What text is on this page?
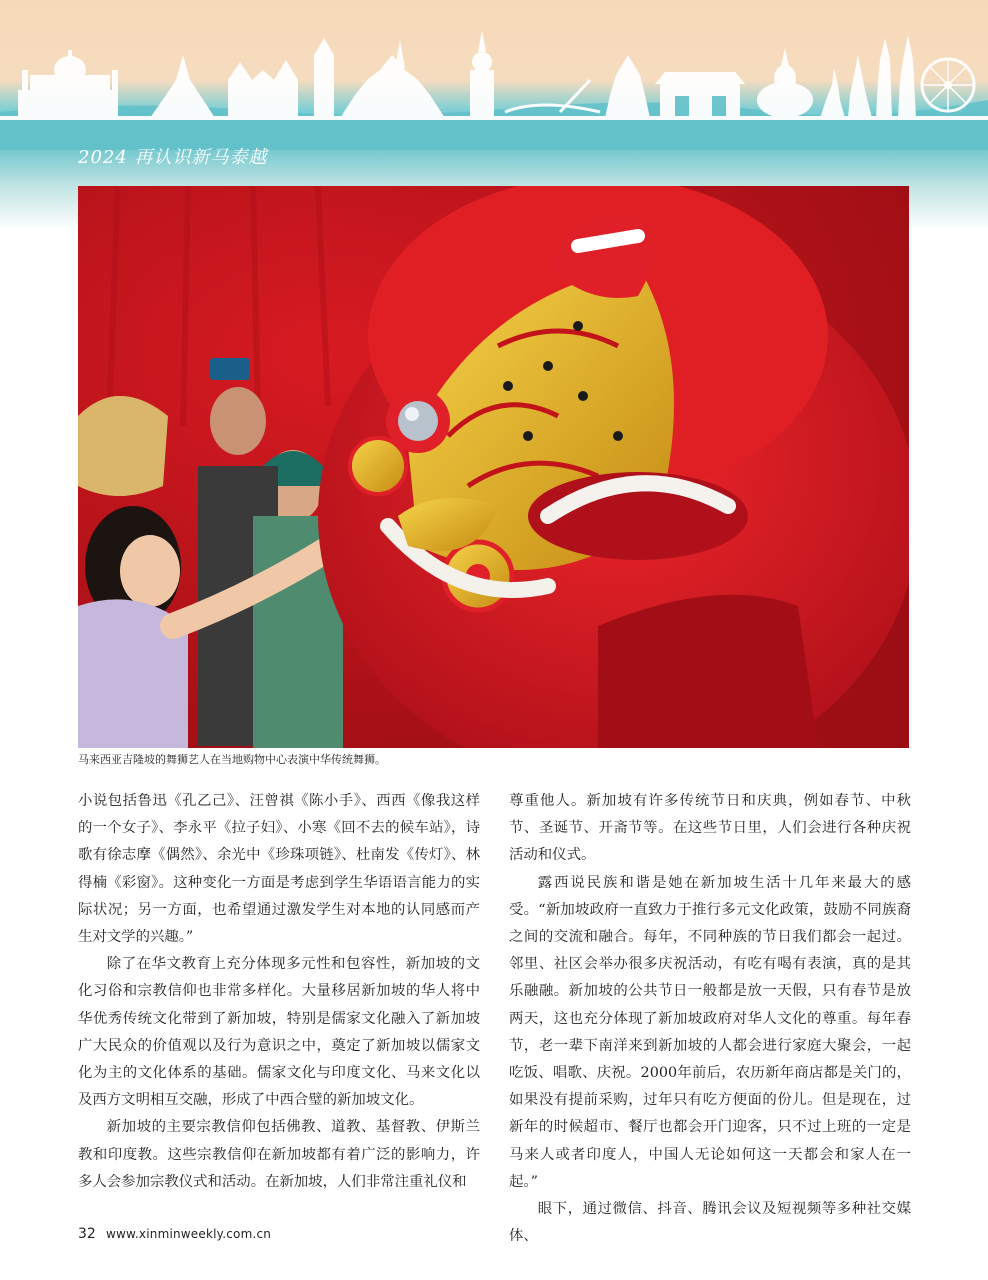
2024 再认识新马泰越
马来西亚吉隆坡的舞狮艺人在当地购物中心表演中华传统舞狮。

小说包括鲁迅《孔乙己》、汪曾祺《陈小手》、西西《像我这样的一个女子》、李永平《拉子妇》、小寒《回不去的候车站》，诗歌有徐志摩《偶然》、余光中《珍珠项链》、杜南发《传灯》、林得楠《彩窗》。这种变化一方面是考虑到学生华语语言能力的实际状况；另一方面，也希望通过激发学生对本地的认同感而产生对文学的兴趣。”

除了在华文教育上充分体现多元性和包容性，新加坡的文化习俗和宗教信仰也非常多样化。大量移居新加坡的华人将中华优秀传统文化带到了新加坡，特别是儒家文化融入了新加坡广大民众的价值观以及行为意识之中，奠定了新加坡以儒家文化为主的文化体系的基础。儒家文化与印度文化、马来文化以及西方文明相互交融，形成了中西合璧的新加坡文化。

新加坡的主要宗教信仰包括佛教、道教、基督教、伊斯兰教和印度教。这些宗教信仰在新加坡都有着广泛的影响力，许多人会参加宗教仪式和活动。在新加坡，人们非常注重礼仪和

尊重他人。新加坡有许多传统节日和庆典，例如春节、中秋节、圣诞节、开斋节等。在这些节日里，人们会进行各种庆祝活动和仪式。

露西说民族和谐是她在新加坡生活十几年来最大的感受。“新加坡政府一直致力于推行多元文化政策，鼓励不同族裔之间的交流和融合。每年，不同种族的节日我们都会一起过。邻里、社区会举办很多庆祝活动，有吃有喝有表演，真的是其乐融融。新加坡的公共节日一般都是放一天假，只有春节是放两天，这也充分体现了新加坡政府对华人文化的尊重。每年春节，老一辈下南洋来到新加坡的人都会进行家庭大聚会，一起吃饭、唱歌、庆祝。2000年前后，农历新年商店都是关门的，如果没有提前采购，过年只有吃方便面的份儿。但是现在，过新年的时候超市、餐厅也都会开门迎客，只不过上班的一定是马来人或者印度人，中国人无论如何这一天都会和家人在一起。”

眼下，通过微信、抖音、腾讯会议及短视频等多种社交媒体、

32 www.xinminweekly.com.cn
